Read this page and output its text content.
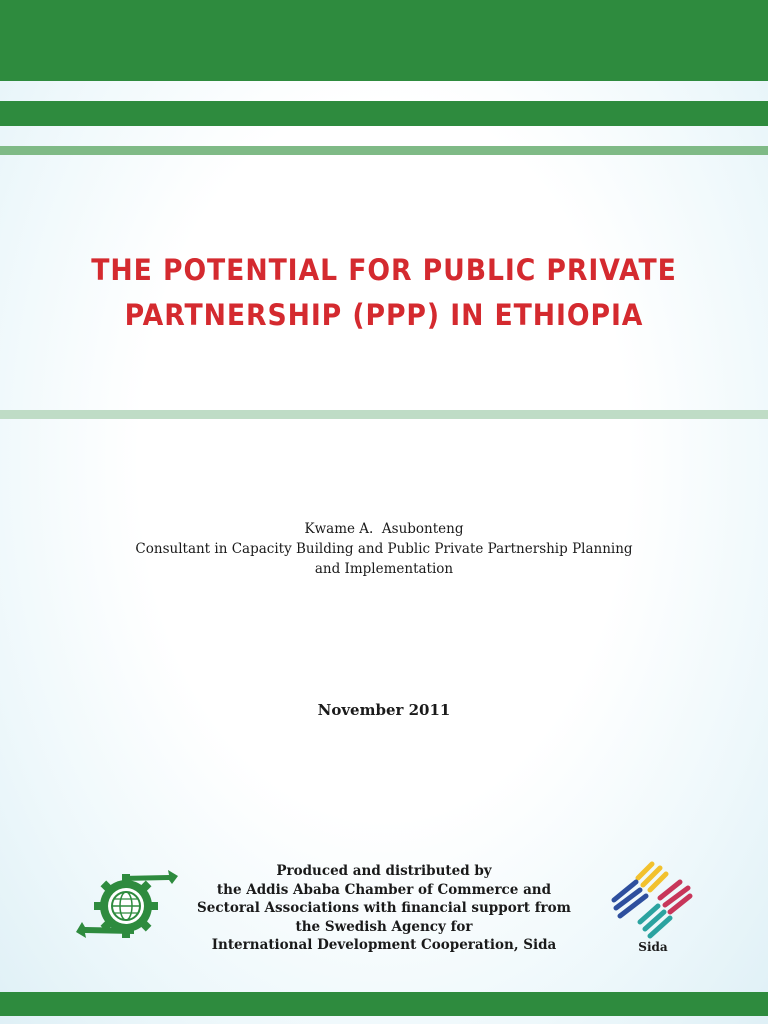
THE POTENTIAL FOR PUBLIC PRIVATE
PARTNERSHIP (PPP) IN ETHIOPIA
Kwame A.  Asubonteng
Consultant in Capacity Building and Public Private Partnership Planning
and Implementation
November 2011
Produced and distributed by
the Addis Ababa Chamber of Commerce and
Sectoral Associations with financial support from
the Swedish Agency for
International Development Cooperation, Sida	Sida
